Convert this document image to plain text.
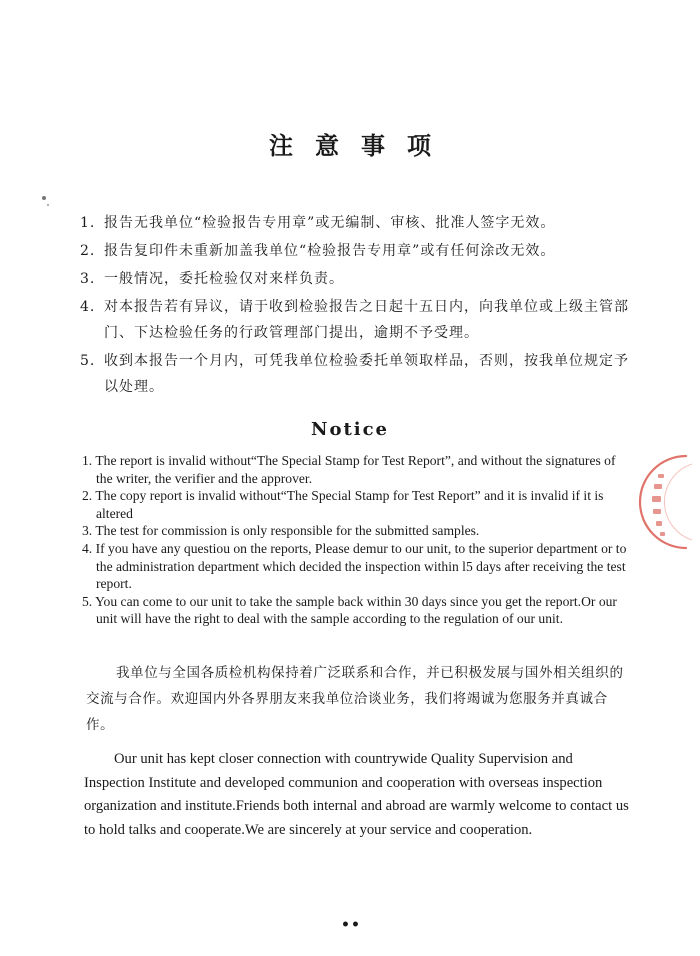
注意事项
1. 报告无我单位“检验报告专用章”或无编制、审核、批准人签字无效。
2. 报告复印件未重新加盖我单位“检验报告专用章”或有任何涂改无效。
3. 一般情况，委托检验仅对来样负责。
4. 对本报告若有异议，请于收到检验报告之日起十五日内，向我单位或上级主管部门、下达检验任务的行政管理部门提出，逾期不予受理。
5. 收到本报告一个月内，可凭我单位检验委托单领取样品，否则，按我单位规定予以处理。
Notice

1. The report is invalid without“The Special Stamp for Test Report”, and without the signatures of the writer, the verifier and the approver.

2. The copy report is invalid without“The Special Stamp for Test Report” and it is invalid if it is altered

3. The test for commission is only responsible for the submitted samples.

4. If you have any questiou on the reports, Please demur to our unit, to the superior department or to the administration department which decided the inspection within l5 days after receiving the test report.

5. You can come to our unit to take the sample back within 30 days since you get the report.Or our unit will have the right to deal with the sample according to the regulation of our unit.

我单位与全国各质检机构保持着广泛联系和合作，并已积极发展与国外相关组织的交流与合作。欢迎国内外各界朋友来我单位洽谈业务，我们将竭诚为您服务并真诚合作。
Our unit has kept closer connection with countrywide Quality Supervision and Inspection Institute and developed communion and cooperation with overseas inspection organization and institute.Friends both internal and abroad are warmly welcome to contact us to hold talks and cooperate.We are sincerely at your service and cooperation.
••
